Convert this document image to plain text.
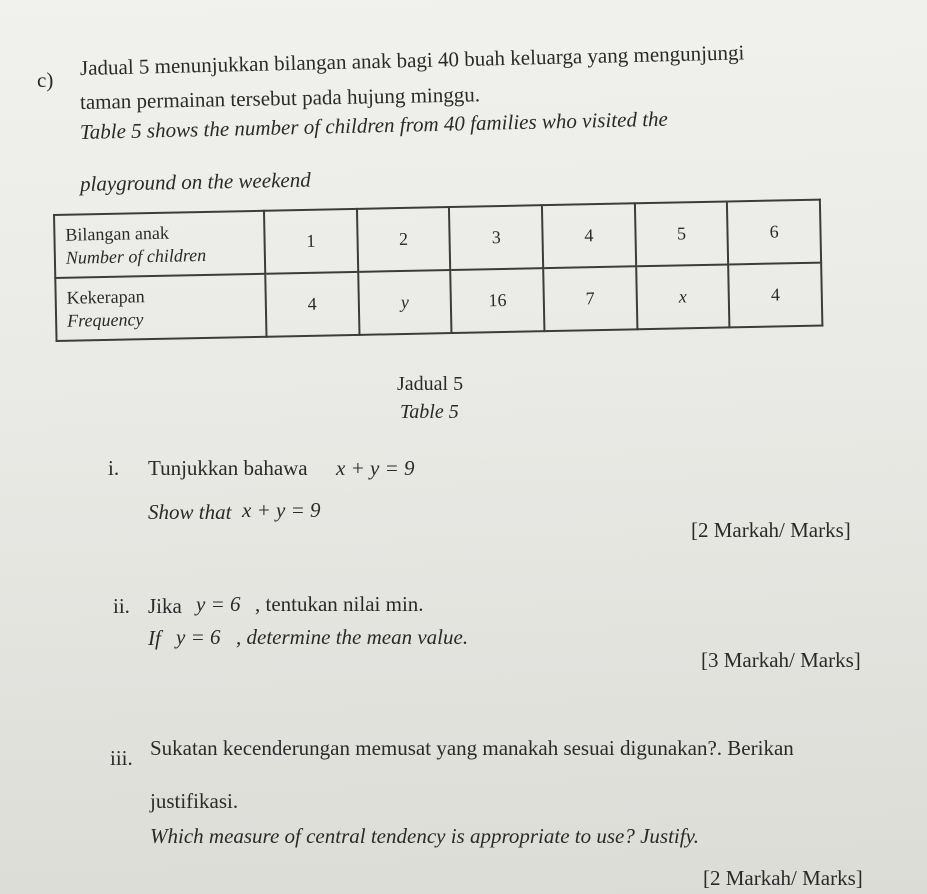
c)
Jadual 5 menunjukkan bilangan anak bagi 40 buah keluarga yang mengunjungi
taman permainan tersebut pada hujung minggu.
Table 5 shows the number of children from 40 families who visited the
playground on the weekend
Bilangan anak
Number of children	1	2	3	4	5	6

Kekerapan
Frequency	4	y	16	7	x	4
Jadual 5
Table 5
i. Tunjukkan bahawa x + y = 9
Show that x + y = 9
[2 Markah/ Marks]
ii. Jika y = 6 , tentukan nilai min.
If y = 6 , determine the mean value.
[3 Markah/ Marks]
iii. Sukatan kecenderungan memusat yang manakah sesuai digunakan?. Berikan
justifikasi.
Which measure of central tendency is appropriate to use? Justify.
[2 Markah/ Marks]
